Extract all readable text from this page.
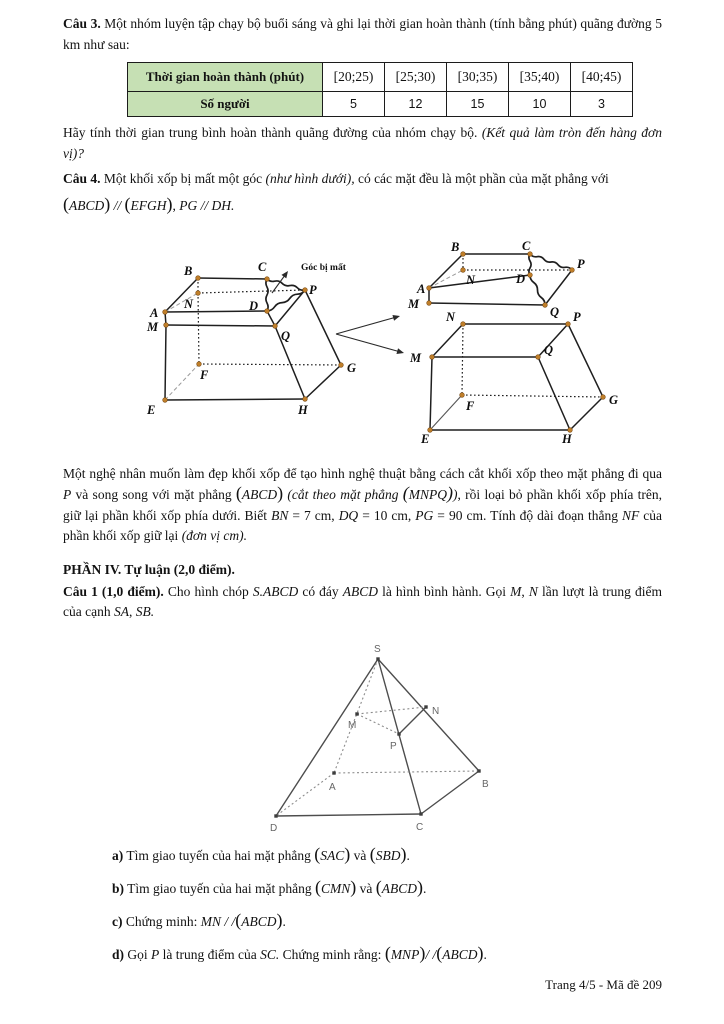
Câu 3. Một nhóm luyện tập chạy bộ buổi sáng và ghi lại thời gian hoàn thành (tính bằng phút) quãng đường 5 km như sau:

Thời gian hoàn thành (phút)	[20;25)	[25;30)	[30;35)	[35;40)	[40;45)
Số người	5	12	15	10	3

Hãy tính thời gian trung bình hoàn thành quãng đường của nhóm chạy bộ. (Kết quả làm tròn đến hàng đơn vị)?

Câu 4. Một khối xốp bị mất một góc (như hình dưới), có các mặt đều là một phần của mặt phẳng với

(ABCD) // (EFGH), PG // DH.

A
B	C
D
P
Q
M
N
E
F	G
H
Góc bị mất
A
B	C
D
P
N
M
Q
N	P
M
Q
E
F	G
H

Một nghệ nhân muốn làm đẹp khối xốp để tạo hình nghệ thuật bằng cách cắt khối xốp theo mặt phẳng đi qua P và song song với mặt phẳng (ABCD) (cắt theo mặt phẳng (MNPQ)), rồi loại bỏ phần khối xốp phía trên, giữ lại phần khối xốp phía dưới. Biết BN = 7 cm, DQ = 10 cm, PG = 90 cm. Tính độ dài đoạn thẳng NF của phần khối xốp giữ lại (đơn vị cm).

PHẦN IV. Tự luận (2,0 điểm).

Câu 1 (1,0 điểm). Cho hình chóp S.ABCD có đáy ABCD là hình bình hành. Gọi M, N lần lượt là trung điểm của cạnh SA, SB.

S
D	C
B
A
M
N
P

a) Tìm giao tuyến của hai mặt phẳng (SAC) và (SBD).

b) Tìm giao tuyến của hai mặt phẳng (CMN) và (ABCD).

c) Chứng minh: MN / /(ABCD).

d) Gọi P là trung điểm của SC. Chứng minh rằng: (MNP)/ /(ABCD).

Trang 4/5 - Mã đề 209
